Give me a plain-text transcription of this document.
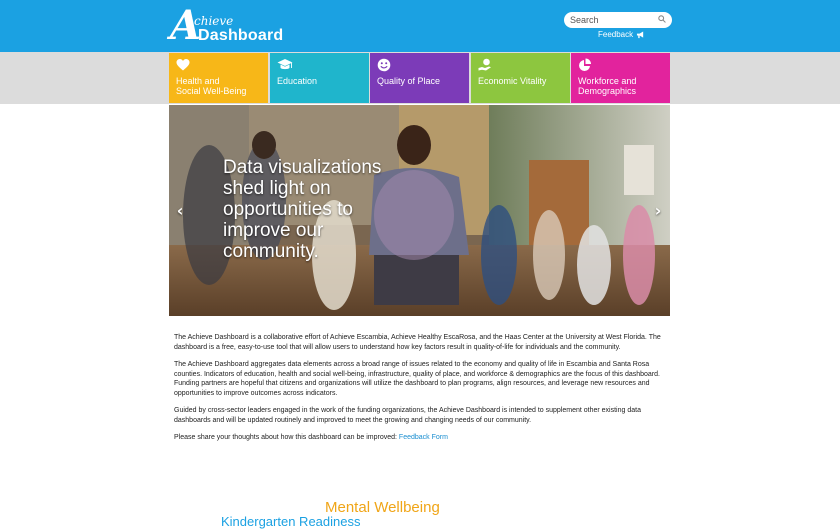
A
chieve
Dashboard
Search	Feedback
Health and
Social Well-Being
Education	Quality of Place	Economic Vitality	Workforce and
Demographics
Data visualizations
shed light on
opportunities to
improve our
community.
‹	›

The Achieve Dashboard is a collaborative effort of Achieve Escambia, Achieve Healthy EscaRosa, and the Haas Center at the University at West Florida. The dashboard is a free, easy-to-use tool that will allow users to understand how key factors result in quality-of-life for individuals and the community.

The Achieve Dashboard aggregates data elements across a broad range of issues related to the economy and quality of life in Escambia and Santa Rosa counties. Indicators of education, health and social well-being, infrastructure, quality of place, and workforce & demographics are the focus of this dashboard. Funding partners are hopeful that citizens and organizations will utilize the dashboard to plan programs, align resources, and leverage new resources and opportunities to improve outcomes across indicators.

Guided by cross-sector leaders engaged in the work of the funding organizations, the Achieve Dashboard is intended to supplement other existing data dashboards and will be updated routinely and improved to meet the growing and changing needs of our community.

Please share your thoughts about how this dashboard can be improved: Feedback Form

Mental Wellbeing
Kindergarten Readiness
